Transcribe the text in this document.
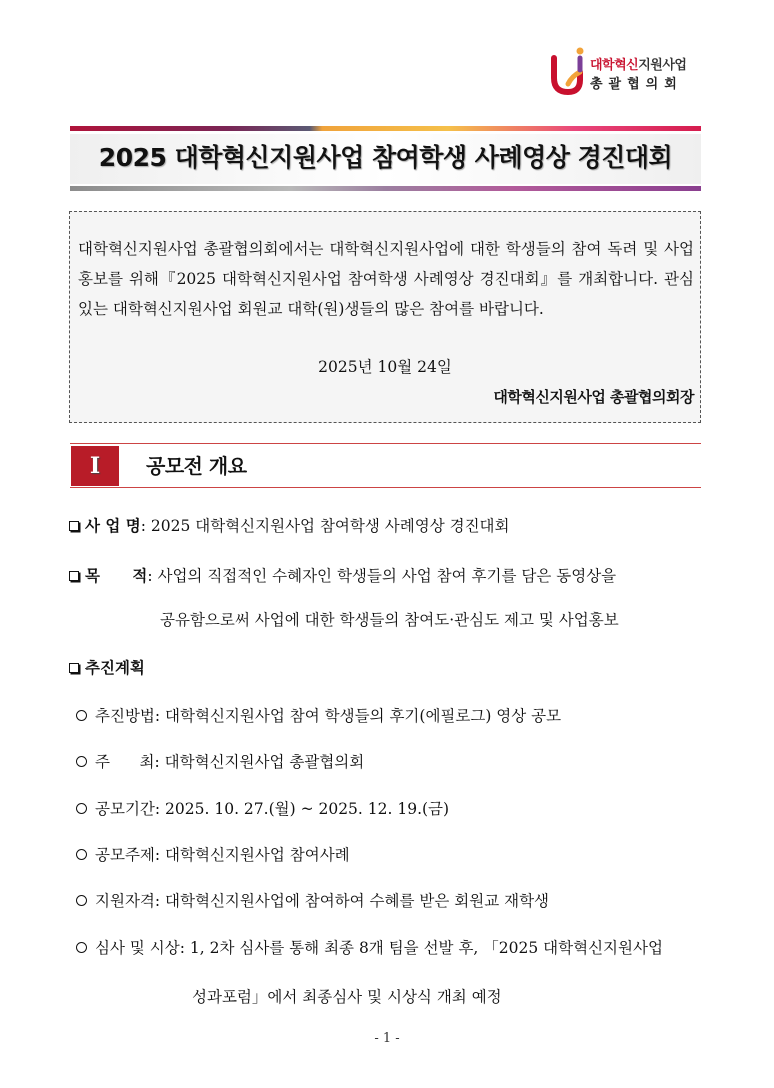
대학혁신지원사업
총괄협의회
2025 대학혁신지원사업 참여학생 사례영상 경진대회
대학혁신지원사업 총괄협의회에서는 대학혁신지원사업에 대한 학생들의 참여 독려 및 사업홍보를 위해『2025 대학혁신지원사업 참여학생 사례영상 경진대회』를 개최합니다. 관심있는 대학혁신지원사업 회원교 대학(원)생들의 많은 참여를 바랍니다.
2025년 10월 24일
대학혁신지원사업 총괄협의회장
Ⅰ	공모전 개요
사 업 명: 2025 대학혁신지원사업 참여학생 사례영상 경진대회
목      적: 사업의 직접적인 수혜자인 학생들의 사업 참여 후기를 담은 동영상을
공유함으로써 사업에 대한 학생들의 참여도·관심도 제고 및 사업홍보
추진계획
추진방법: 대학혁신지원사업 참여 학생들의 후기(에필로그) 영상 공모
주      최: 대학혁신지원사업 총괄협의회
공모기간: 2025. 10. 27.(월) ~ 2025. 12. 19.(금)
공모주제: 대학혁신지원사업 참여사례
지원자격: 대학혁신지원사업에 참여하여 수혜를 받은 회원교 재학생
심사 및 시상: 1, 2차 심사를 통해 최종 8개 팀을 선발 후, 「2025 대학혁신지원사업
성과포럼」에서 최종심사 및 시상식 개최 예정
- 1 -
